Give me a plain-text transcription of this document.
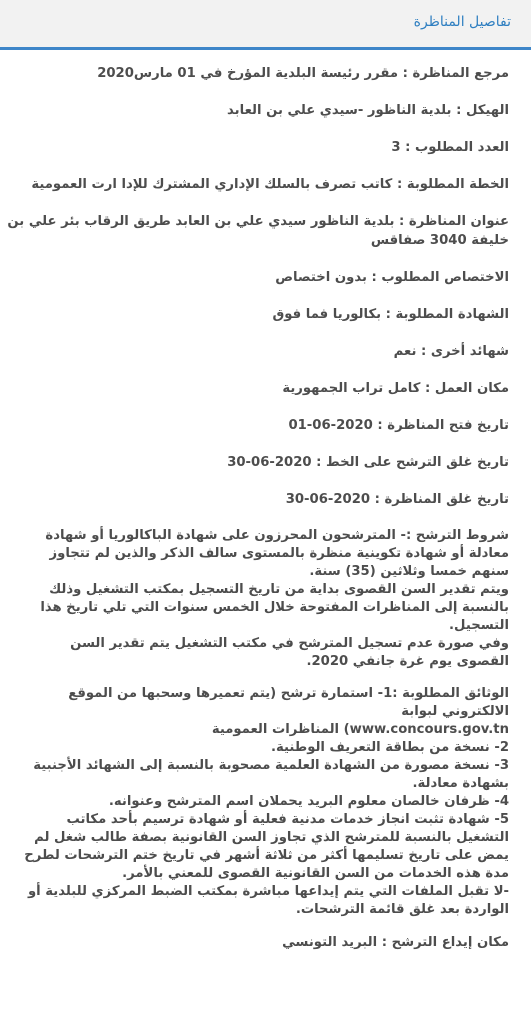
تفاصيل المناظرة
مرجع المناظرة : مقرر رئيسة البلدية المؤرخ في 01 مارس2020
الهيكل : بلدية الناظور -سيدي علي بن العابد
العدد المطلوب : 3
الخطة المطلوبة : كاتب تصرف بالسلك الإداري المشترك للإدا ارت العمومية
عنوان المناظرة : بلدية الناظور سيدي علي بن العابد طريق الرقاب بئر علي بن خليفة 3040 صفاقس
الاختصاص المطلوب : بدون اختصاص
الشهادة المطلوبة : بكالوريا فما فوق
شهائد أخرى : نعم
مكان العمل : كامل تراب الجمهورية
تاريخ فتح المناظرة : 01-06-2020
تاريخ غلق الترشح على الخط : 30-06-2020
تاريخ غلق المناظرة : 30-06-2020
شروط الترشح :- المترشحون المحرزون على شهادة الباكالوريا أو شهادة
معادلة أو شهادة تكوينية منظرة بالمستوى سالف الذكر والذين لم تتجاوز
سنهم خمسا وثلاثين (35) سنة.
ويتم تقدير السن القصوى بداية من تاريخ التسجيل بمكتب التشغيل وذلك
بالنسبة إلى المناظرات المفتوحة خلال الخمس سنوات التي تلي تاريخ هذا
التسجيل.
وفي صورة عدم تسجيل المترشح في مكتب التشغيل يتم تقدير السن
القصوى يوم غرة جانفي 2020.
الوثائق المطلوبة :1- استمارة ترشح (يتم تعميرها وسحبها من الموقع
الالكتروني لبوابة
www.concours.gov.tn) المناظرات العمومية
2- نسخة من بطاقة التعريف الوطنية.
3- نسخة مصورة من الشهادة العلمية مصحوبة بالنسبة إلى الشهائد الأجنبية
بشهادة معادلة.
4- ظرفان خالصان معلوم البريد يحملان اسم المترشح وعنوانه.
5- شهادة تثبت انجاز خدمات مدنية فعلية أو شهادة ترسيم بأحد مكاتب
التشغيل بالنسبة للمترشح الذي تجاوز السن القانونية بصفة طالب شغل لم
يمض على تاريخ تسليمها أكثر من ثلاثة أشهر في تاريخ ختم الترشحات لطرح
مدة هذه الخدمات من السن القانونية القصوى للمعني بالأمر.
-لا تقبل الملفات التي يتم إيداعها مباشرة بمكتب الضبط المركزي للبلدية أو
الواردة بعد غلق قائمة الترشحات.
مكان إيداع الترشح : البريد التونسي
